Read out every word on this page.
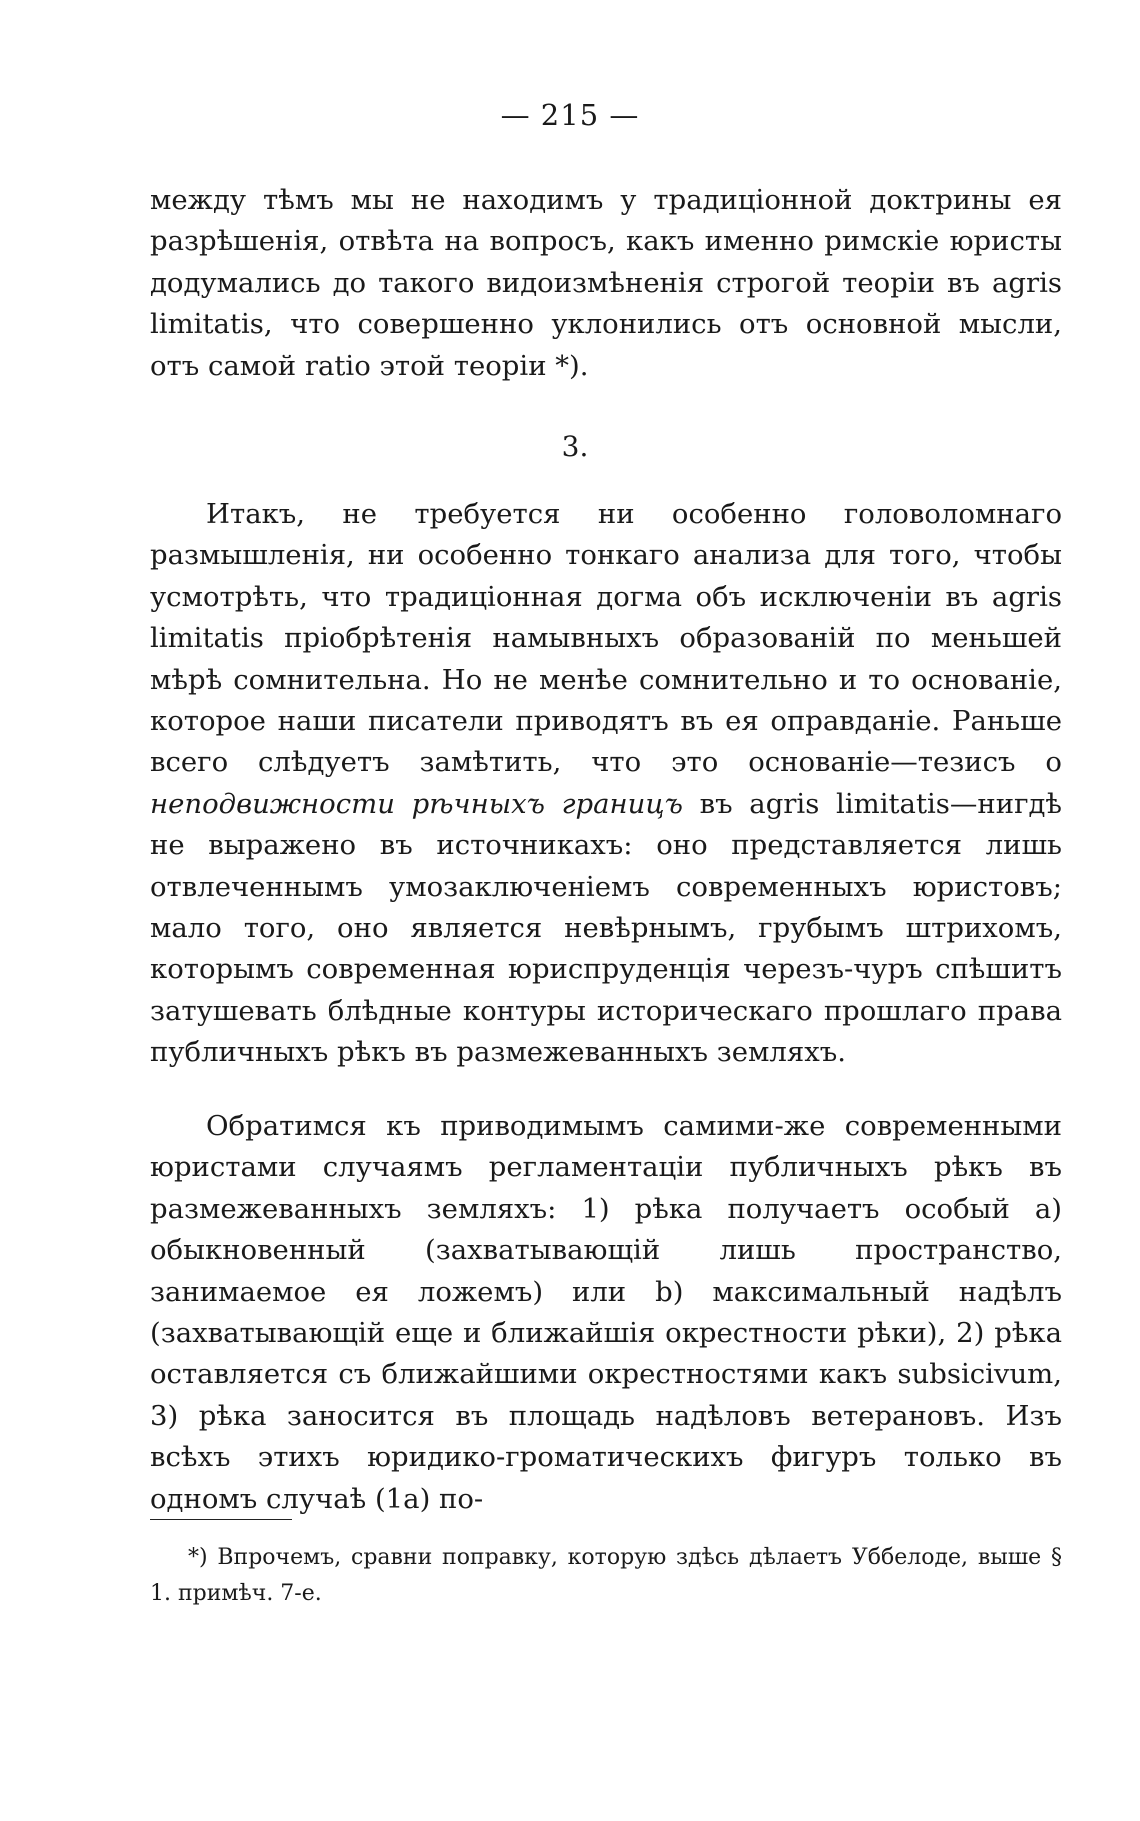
— 215 —

между тѣмъ мы не находимъ у традиціонной доктрины ея разрѣшенія, отвѣта на вопросъ, какъ именно римскіе юристы додумались до такого видоизмѣненія строгой теоріи въ agris limitatis, что совершенно уклонились отъ основной мысли, отъ самой ratio этой теоріи *).

3.

Итакъ, не требуется ни особенно головоломнаго размышленія, ни особенно тонкаго анализа для того, чтобы усмотрѣть, что традиціонная догма объ исключеніи въ agris limitatis пріобрѣтенія намывныхъ образованій по меньшей мѣрѣ сомнительна. Но не менѣе сомнительно и то основаніе, которое наши писатели приводятъ въ ея оправданіе. Раньше всего слѣдуетъ замѣтить, что это основаніе—тезисъ о неподвижности рѣчныхъ границъ въ agris limitatis—нигдѣ не выражено въ источникахъ: оно представляется лишь отвлеченнымъ умозаключеніемъ современныхъ юристовъ; мало того, оно является невѣрнымъ, грубымъ штрихомъ, которымъ современная юриспруденція черезъ-чуръ спѣшитъ затушевать блѣдные контуры историческаго прошлаго права публичныхъ рѣкъ въ размежеванныхъ земляхъ.

Обратимся къ приводимымъ самими-же современными юристами случаямъ регламентаціи публичныхъ рѣкъ въ размежеванныхъ земляхъ: 1) рѣка получаетъ особый а) обыкновенный (захватывающій лишь пространство, занимаемое ея ложемъ) или b) максимальный надѣлъ (захватывающій еще и ближайшія окрестности рѣки), 2) рѣка оставляется съ ближайшими окрестностями какъ subsicivum, 3) рѣка заносится въ площадь надѣловъ ветерановъ. Изъ всѣхъ этихъ юридико-громатическихъ фигуръ только въ одномъ случаѣ (1а) по-

*) Впрочемъ, сравни поправку, которую здѣсь дѣлаетъ Уббелоде, выше § 1. примѣч. 7-е.
